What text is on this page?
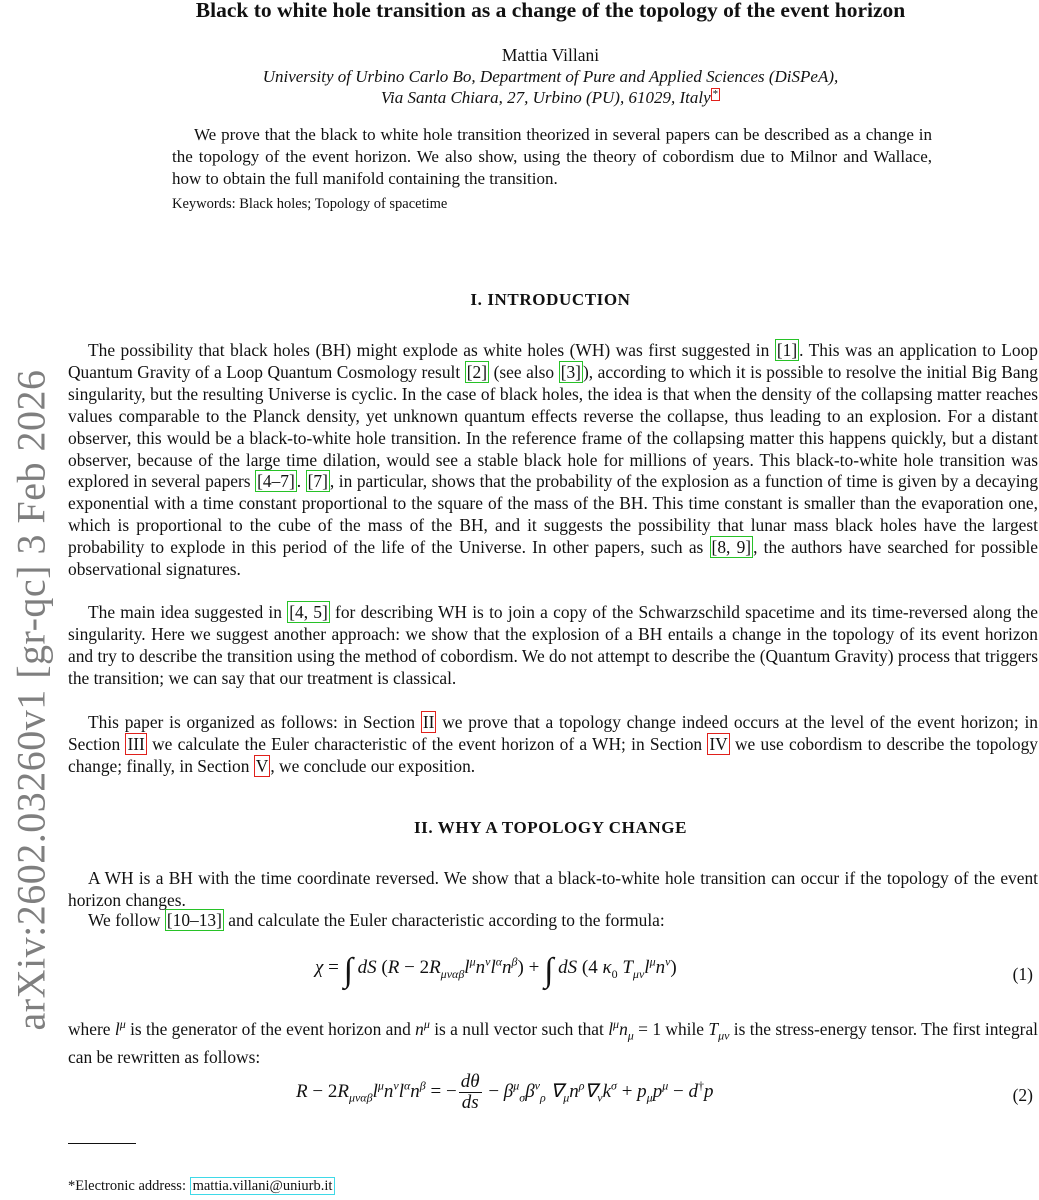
arXiv:2602.03260v1 [gr-qc] 3 Feb 2026
Black to white hole transition as a change of the topology of the event horizon
Mattia Villani
University of Urbino Carlo Bo, Department of Pure and Applied Sciences (DiSPeA),
Via Santa Chiara, 27, Urbino (PU), 61029, Italy *

We prove that the black to white hole transition theorized in several papers can be described as a change in the topology of the event horizon. We also show, using the theory of cobordism due to Milnor and Wallace, how to obtain the full manifold containing the transition.

Keywords: Black holes; Topology of spacetime
I. INTRODUCTION

The possibility that black holes (BH) might explode as white holes (WH) was first suggested in [1] . This was an application to Loop Quantum Gravity of a Loop Quantum Cosmology result [2] (see also [3] ), according to which it is possible to resolve the initial Big Bang singularity, but the resulting Universe is cyclic. In the case of black holes, the idea is that when the density of the collapsing matter reaches values comparable to the Planck density, yet unknown quantum effects reverse the collapse, thus leading to an explosion. For a distant observer, this would be a black-to-white hole transition. In the reference frame of the collapsing matter this happens quickly, but a distant observer, because of the large time dilation, would see a stable black hole for millions of years. This black-to-white hole transition was explored in several papers [4–7] . [7] , in particular, shows that the probability of the explosion as a function of time is given by a decaying exponential with a time constant proportional to the square of the mass of the BH. This time constant is smaller than the evaporation one, which is proportional to the cube of the mass of the BH, and it suggests the possibility that lunar mass black holes have the largest probability to explode in this period of the life of the Universe. In other papers, such as [8, 9] , the authors have searched for possible observational signatures.

The main idea suggested in [4, 5] for describing WH is to join a copy of the Schwarzschild spacetime and its time-reversed along the singularity. Here we suggest another approach: we show that the explosion of a BH entails a change in the topology of its event horizon and try to describe the transition using the method of cobordism. We do not attempt to describe the (Quantum Gravity) process that triggers the transition; we can say that our treatment is classical.

This paper is organized as follows: in Section II we prove that a topology change indeed occurs at the level of the event horizon; in Section III we calculate the Euler characteristic of the event horizon of a WH; in Section IV we use cobordism to describe the topology change; finally, in Section V , we conclude our exposition.

II. WHY A TOPOLOGY CHANGE

A WH is a BH with the time coordinate reversed. We show that a black-to-white hole transition can occur if the topology of the event horizon changes.

We follow [10–13] and calculate the Euler characteristic according to the formula:

χ = ∫ dS $(R - 2R_{\mu\nu\alpha\beta}l^\mu n^\nu l^\alpha n^\beta)$ + ∫ dS (4 $\kappa_0$ $T_{\mu\nu}l^\mu n^\nu$)	(1)

where $l^\mu$ is the generator of the event horizon and $n^\mu$ is a null vector such that $l^\mu n_\mu = 1$ while $T_{\mu\nu}$ is the stress-energy tensor. The first integral can be rewritten as follows:

$R - 2R_{\mu\nu\alpha\beta}l^\mu n^\nu l^\alpha n^\beta$ = − $\frac{d\theta}{ds} - \beta^\mu_\sigma\beta^\nu_\rho$ $\nabla_\mu n^\rho\nabla_\nu k^\sigma + p_\mu p^\mu - d^\dagger p$	(2)
*Electronic address: mattia.villani@uniurb.it
